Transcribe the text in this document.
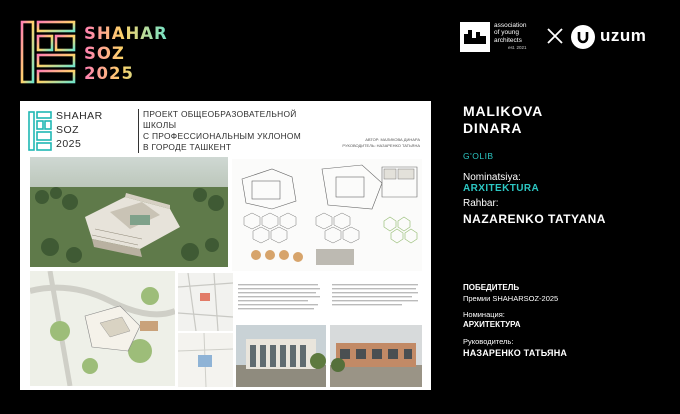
SHAHAR
SOZ
2025
association
of young
architects
est. 2021
uzum
SHAHAR
SOZ
2025
ПРОЕКТ ОБЩЕОБРАЗОВАТЕЛЬНОЙ ШКОЛЫ
С ПРОФЕССИОНАЛЬНЫМ УКЛОНОМ
В ГОРОДЕ ТАШКЕНТ
АВТОР: МАЛИКОВА ДИНАРА
РУКОВОДИТЕЛЬ: НАЗАРЕНКО ТАТЬЯНА
MALIKOVA
DINARA
G'OLIB
Nominatsiya:
ARXITEKTURA
Rahbar:
NAZARENKO TATYANA
ПОБЕДИТЕЛЬ
Премии SHAHARSOZ-2025
Номинация:
АРХИТЕКТУРА
Руководитель:
НАЗАРЕНКО ТАТЬЯНА
